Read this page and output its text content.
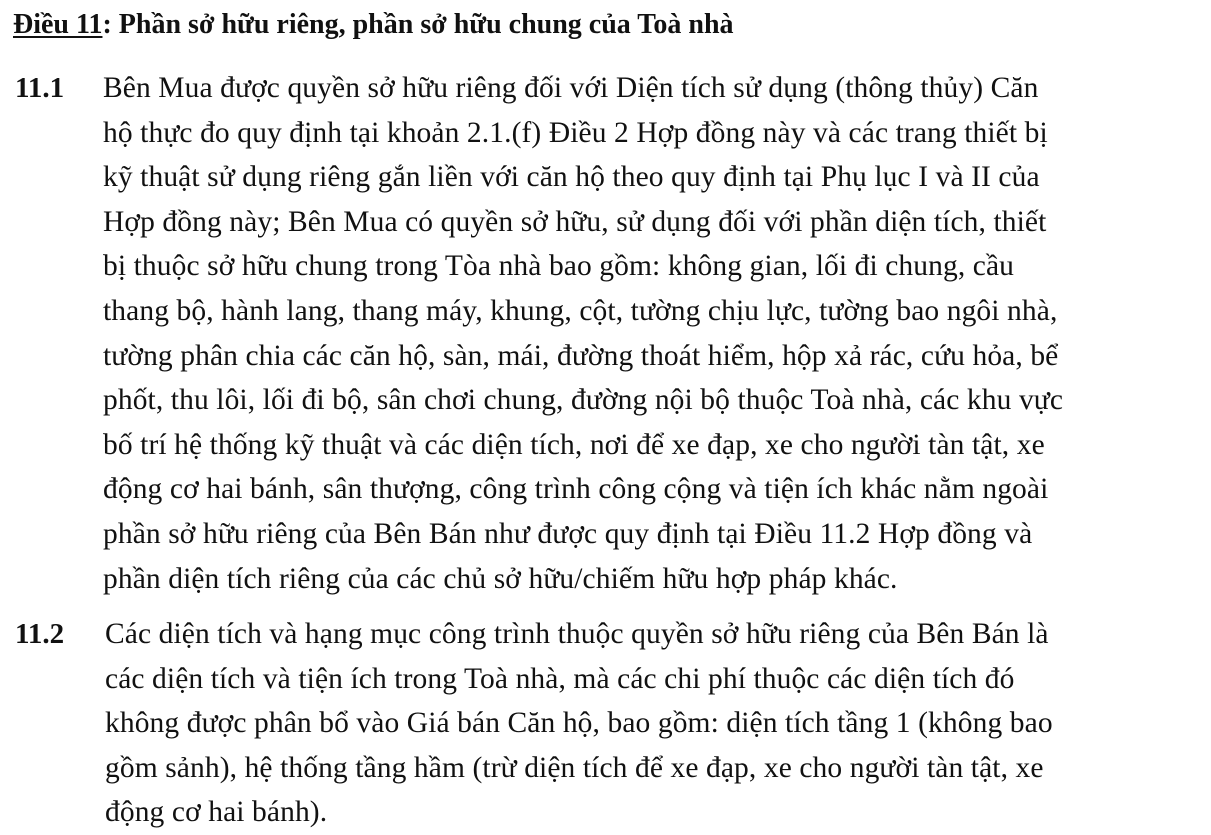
Điều 11: Phần sở hữu riêng, phần sở hữu chung của Toà nhà
11.1 Bên Mua được quyền sở hữu riêng đối với Diện tích sử dụng (thông thủy) Căn
hộ thực đo quy định tại khoản 2.1.(f) Điều 2 Hợp đồng này và các trang thiết bị
kỹ thuật sử dụng riêng gắn liền với căn hộ theo quy định tại Phụ lục I và II của
Hợp đồng này; Bên Mua có quyền sở hữu, sử dụng đối với phần diện tích, thiết
bị thuộc sở hữu chung trong Tòa nhà bao gồm: không gian, lối đi chung, cầu
thang bộ, hành lang, thang máy, khung, cột, tường chịu lực, tường bao ngôi nhà,
tường phân chia các căn hộ, sàn, mái, đường thoát hiểm, hộp xả rác, cứu hỏa, bể
phốt, thu lôi, lối đi bộ, sân chơi chung, đường nội bộ thuộc Toà nhà, các khu vực
bố trí hệ thống kỹ thuật và các diện tích, nơi để xe đạp, xe cho người tàn tật, xe
động cơ hai bánh, sân thượng, công trình công cộng và tiện ích khác nằm ngoài
phần sở hữu riêng của Bên Bán như được quy định tại Điều 11.2 Hợp đồng và
phần diện tích riêng của các chủ sở hữu/chiếm hữu hợp pháp khác.
11.2 Các diện tích và hạng mục công trình thuộc quyền sở hữu riêng của Bên Bán là
các diện tích và tiện ích trong Toà nhà, mà các chi phí thuộc các diện tích đó
không được phân bổ vào Giá bán Căn hộ, bao gồm: diện tích tầng 1 (không bao
gồm sảnh), hệ thống tầng hầm (trừ diện tích để xe đạp, xe cho người tàn tật, xe
động cơ hai bánh).
